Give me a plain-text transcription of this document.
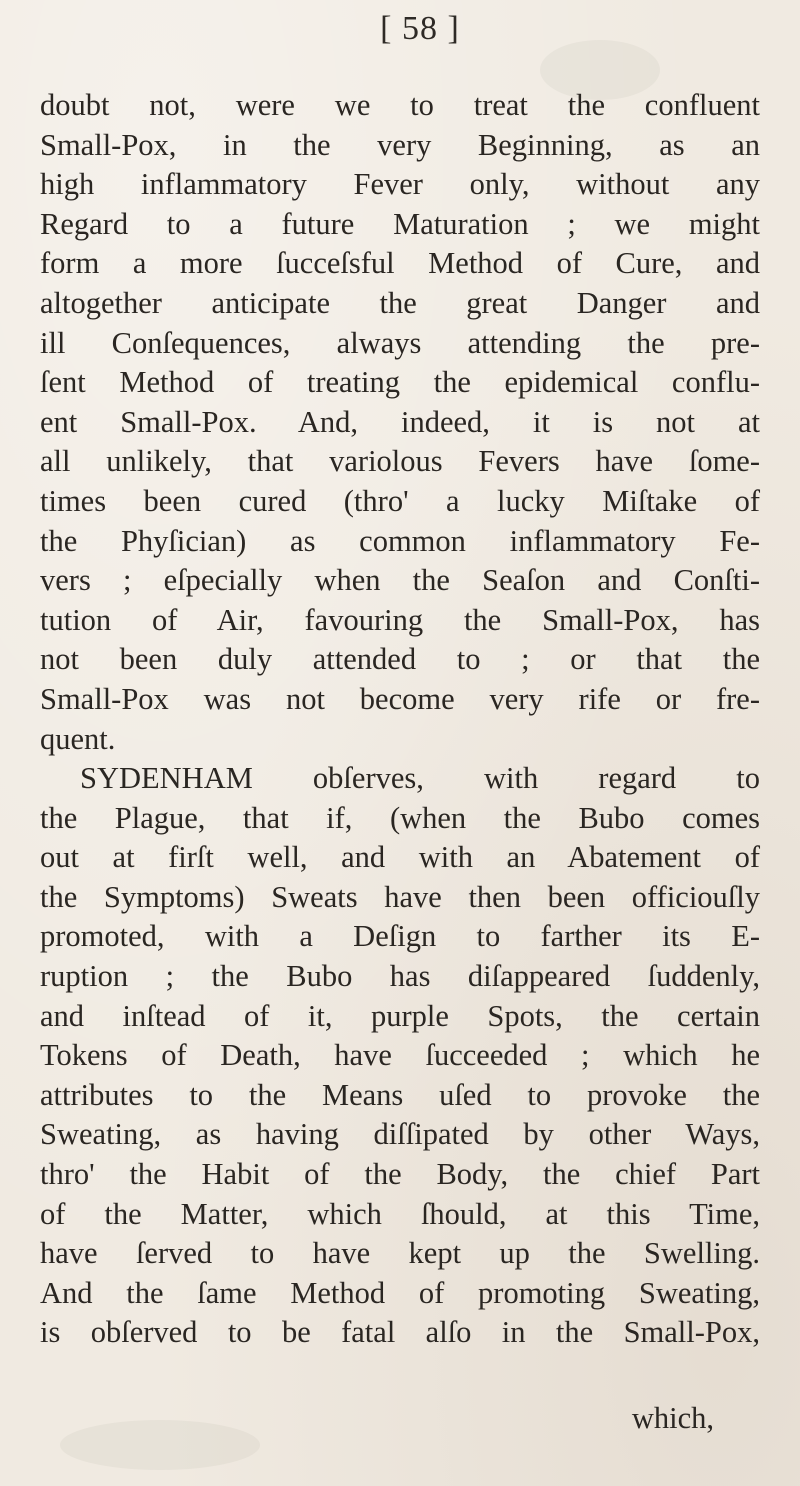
[ 58 ]
doubt not, were we to treat the confluent
Small-Pox, in the very Beginning, as an
high inflammatory Fever only, without any
Regard to a future Maturation ; we might
form a more ſucceſsful Method of Cure, and
altogether anticipate the great Danger and
ill Conſequences, always attending the pre-
ſent Method of treating the epidemical conflu-
ent Small-Pox. And, indeed, it is not at
all unlikely, that variolous Fevers have ſome-
times been cured (thro' a lucky Miſtake of
the Phyſician) as common inflammatory Fe-
vers ; eſpecially when the Seaſon and Conſti-
tution of Air, favouring the Small-Pox, has
not been duly attended to ; or that the
Small-Pox was not become very rife or fre-
quent.
SYDENHAM obſerves, with regard to
the Plague, that if, (when the Bubo comes
out at firſt well, and with an Abatement of
the Symptoms) Sweats have then been officiouſly
promoted, with a Deſign to farther its E-
ruption ; the Bubo has diſappeared ſuddenly,
and inſtead of it, purple Spots, the certain
Tokens of Death, have ſucceeded ; which he
attributes to the Means uſed to provoke the
Sweating, as having diſſipated by other Ways,
thro' the Habit of the Body, the chief Part
of the Matter, which ſhould, at this Time,
have ſerved to have kept up the Swelling.
And the ſame Method of promoting Sweating,
is obſerved to be fatal alſo in the Small-Pox,
which,
